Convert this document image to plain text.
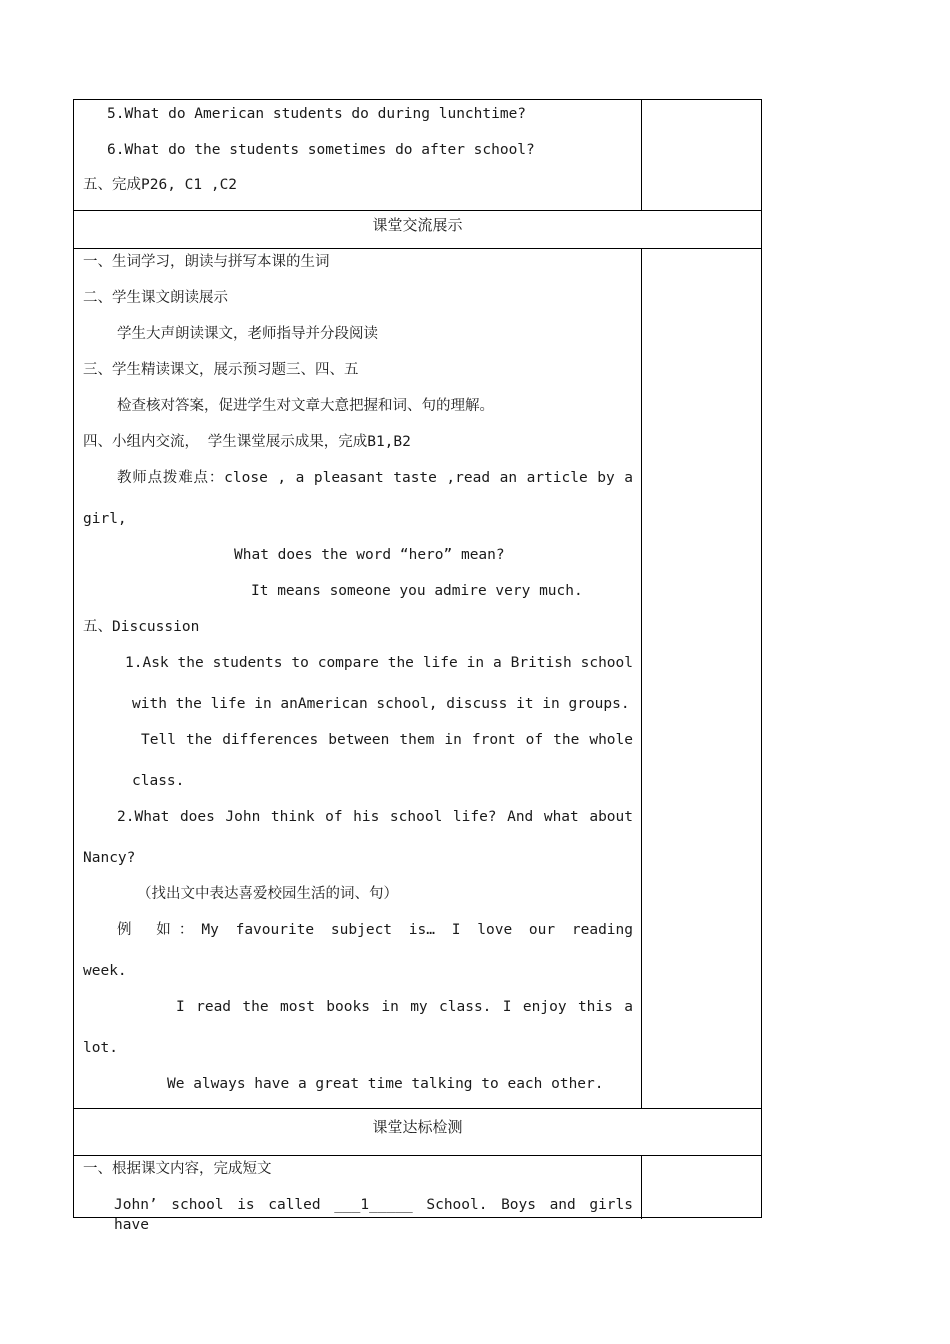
5.What do American students do during lunchtime?
6.What do the students sometimes do after school?
五、完成P26, C1 ,C2
课堂交流展示
一、生词学习，朗读与拼写本课的生词
二、学生课文朗读展示
学生大声朗读课文，老师指导并分段阅读
三、学生精读课文，展示预习题三、四、五
检查核对答案，促进学生对文章大意把握和词、句的理解。
四、小组内交流， 学生课堂展示成果，完成B1,B2
教师点拨难点：close , a pleasant taste ,read an article by a
girl,
What does the word “hero” mean?
It means someone you admire very much.
五、Discussion
1.Ask the students to compare the life in a British school
with the life in anAmerican school, discuss it in groups.
Tell the differences between them in front of the whole
class.
2.What does John think of his school life? And what about
Nancy?
（找出文中表达喜爱校园生活的词、句）
例 如：My favourite subject is… I love our reading
week.
I read the most books in my class. I enjoy this a
lot.
We always have a great time talking to each other.
课堂达标检测
一、根据课文内容，完成短文
John’ school is called ___1_____ School. Boys and girls have
